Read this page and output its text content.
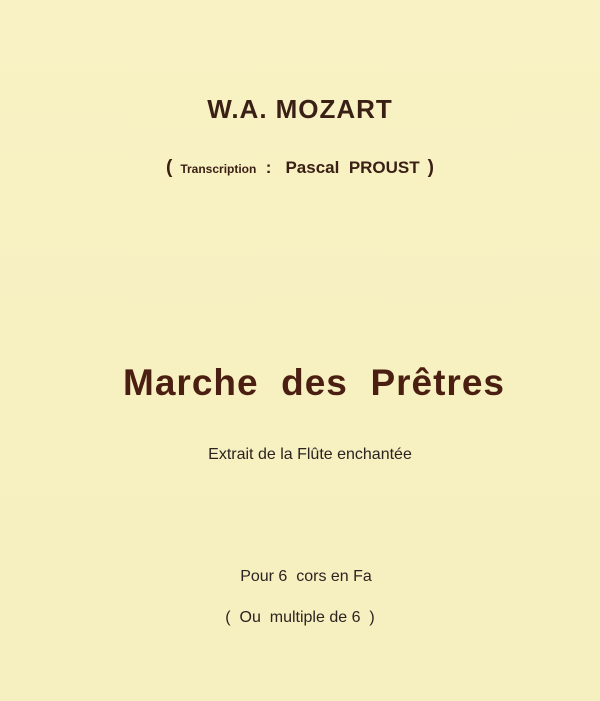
W.A. MOZART
( Transcription : Pascal PROUST )
Marche  des  Prêtres
Extrait de la Flûte enchantée
Pour 6  cors en Fa
(  Ou  multiple de 6  )
